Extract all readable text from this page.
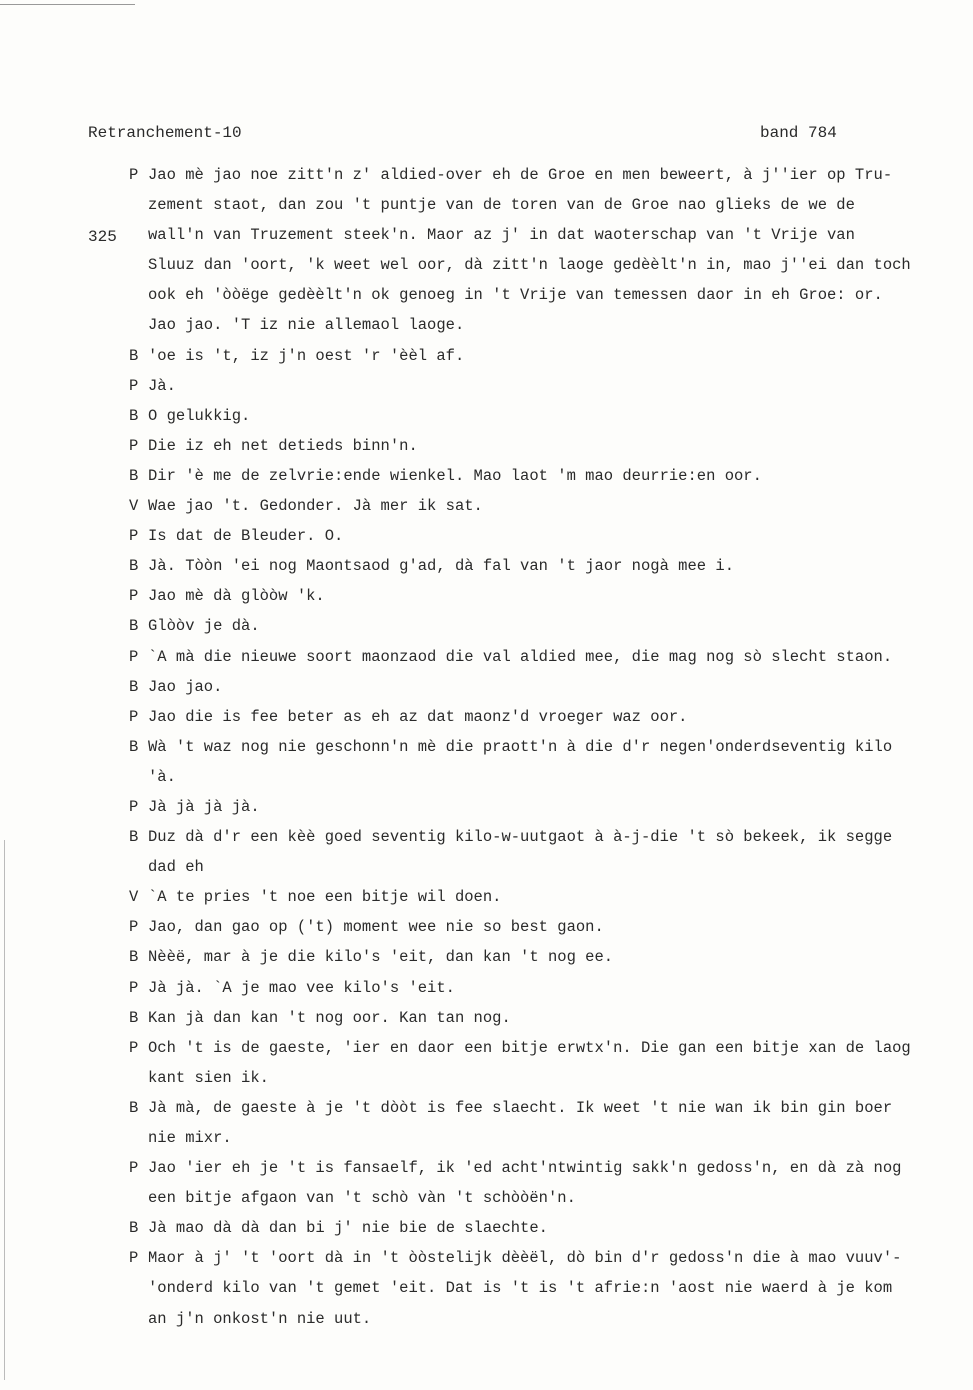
Retranchement-10	band 784
325
P Jao mè jao noe zitt'n z' aldied-over eh de Groe en men beweert, à j''ier op Tru-
zement staot, dan zou 't puntje van de toren van de Groe nao glieks de we de
wall'n van Truzement steek'n. Maor az j' in dat waoterschap van 't Vrije van
Sluuz dan 'oort, 'k weet wel oor, dà zitt'n laoge gedèèlt'n in, mao j''ei dan toch
ook eh 'òòëge gedèèlt'n ok genoeg in 't Vrije van temessen daor in eh Groe: or.
Jao jao. 'T iz nie allemaol laoge.
B 'oe is 't, iz j'n oest 'r 'èèl af.
P Jà.
B O gelukkig.
P Die iz eh net detieds binn'n.
B Dir 'è me de zelvrie:ende wienkel. Mao laot 'm mao deurrie:en oor.
V Wae jao 't. Gedonder. Jà mer ik sat.
P Is dat de Bleuder. O.
B Jà. Tòòn 'ei nog Maontsaod g'ad, dà fal van 't jaor nogà mee i.
P Jao mè dà glòòw 'k.
B Glòòv je dà.
P `A mà die nieuwe soort maonzaod die val aldied mee, die mag nog sò slecht staon.
B Jao jao.
P Jao die is fee beter as eh az dat maonz'd vroeger waz oor.
B Wà 't waz nog nie geschonn'n mè die praott'n à die d'r negen'onderdseventig kilo
'à.
P Jà jà jà jà.
B Duz dà d'r een kèè goed seventig kilo-w-uutgaot à à-j-die 't sò bekeek, ik segge
dad eh
V `A te pries 't noe een bitje wil doen.
P Jao, dan gao op ('t) moment wee nie so best gaon.
B Nèèë, mar à je die kilo's 'eit, dan kan 't nog ee.
P Jà jà. `A je mao vee kilo's 'eit.
B Kan jà dan kan 't nog oor. Kan tan nog.
P Och 't is de gaeste, 'ier en daor een bitje erwtx'n. Die gan een bitje xan de laog
kant sien ik.
B Jà mà, de gaeste à je 't dòòt is fee slaecht. Ik weet 't nie wan ik bin gin boer
nie mixr.
P Jao 'ier eh je 't is fansaelf, ik 'ed acht'ntwintig sakk'n gedoss'n, en dà zà nog
een bitje afgaon van 't schò vàn 't schòòën'n.
B Jà mao dà dà dan bi j' nie bie de slaechte.
P Maor à j' 't 'oort dà in 't òòstelijk dèèël, dò bin d'r gedoss'n die à mao vuuv'-
'onderd kilo van 't gemet 'eit. Dat is 't is 't afrie:n 'aost nie waerd à je kom
an j'n onkost'n nie uut.
